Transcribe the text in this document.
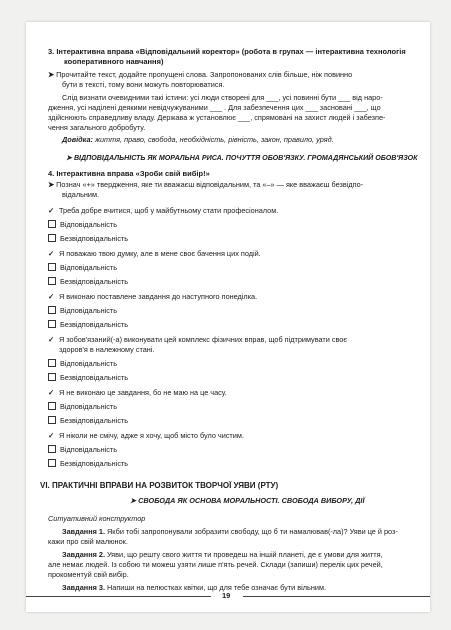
3. Інтерактивна вправа «Відповідальний коректор» (робота в групах — інтерактивна технологія
кооперативного навчання)
➤ Прочитайте текст, додайте пропущені слова. Запропонованих слів більше, ніж повинно
бути в тексті, тому вони можуть повторюватися.
Слід визнати очевидними такі істини: усі люди створені для ___, усі повинні бути ___ від наро-
дження, усі наділені деякими невідчужуваними ___ . Для забезпечення цих ___ засновані ___, що
здійснюють справедливу владу. Держава ж установлює ___, спрямовані на захист людей і забезпе-
чення загального добробуту.
Довідка: життя, право, свобода, необхідність, рівність, закон, правило, уряд.
➤ ВІДПОВІДАЛЬНІСТЬ ЯК МОРАЛЬНА РИСА. ПОЧУТТЯ ОБОВ'ЯЗКУ. ГРОМАДЯНСЬКИЙ ОБОВ'ЯЗОК
4. Інтерактивна вправа «Зроби свій вибір!»
➤ Познач «+» твердження, яке ти вважаєш відповідальним, та «–» — яке вважаєш безвідпо-
відальним.
✓ Треба добре вчитися, щоб у майбутньому стати професіоналом.
Відповідальність
Безвідповідальність
✓ Я поважаю твою думку, але в мене своє бачення цих подій.
Відповідальність
Безвідповідальність
✓ Я виконаю поставлене завдання до наступного понеділка.
Відповідальність
Безвідповідальність
✓ Я зобов'язаний(-а) виконувати цей комплекс фізичних вправ, щоб підтримувати своє
здоров'я в належному стані.
Відповідальність
Безвідповідальність
✓ Я не виконаю це завдання, бо не маю на це часу.
Відповідальність
Безвідповідальність
✓ Я ніколи не смічу, адже я хочу, щоб місто було чистим.
Відповідальність
Безвідповідальність
VI. ПРАКТИЧНІ ВПРАВИ НА РОЗВИТОК ТВОРЧОЇ УЯВИ (РТУ)
➤ СВОБОДА ЯК ОСНОВА МОРАЛЬНОСТІ. СВОБОДА ВИБОРУ, ДІЇ
Ситуативний конструктор
Завдання 1. Якби тобі запропонували зобразити свободу, що б ти намалював(-ла)? Уяви це й роз-
кажи про свій малюнок.
Завдання 2. Уяви, що решту свого життя ти проведеш на іншій планеті, де є умови для життя,
але немає людей. Із собою ти можеш узяти лише п'ять речей. Склади (запиши) перелік цих речей,
прокоментуй свій вибір.
Завдання 3. Напиши на пелюстках квітки, що для тебе означає бути вільним.
19
